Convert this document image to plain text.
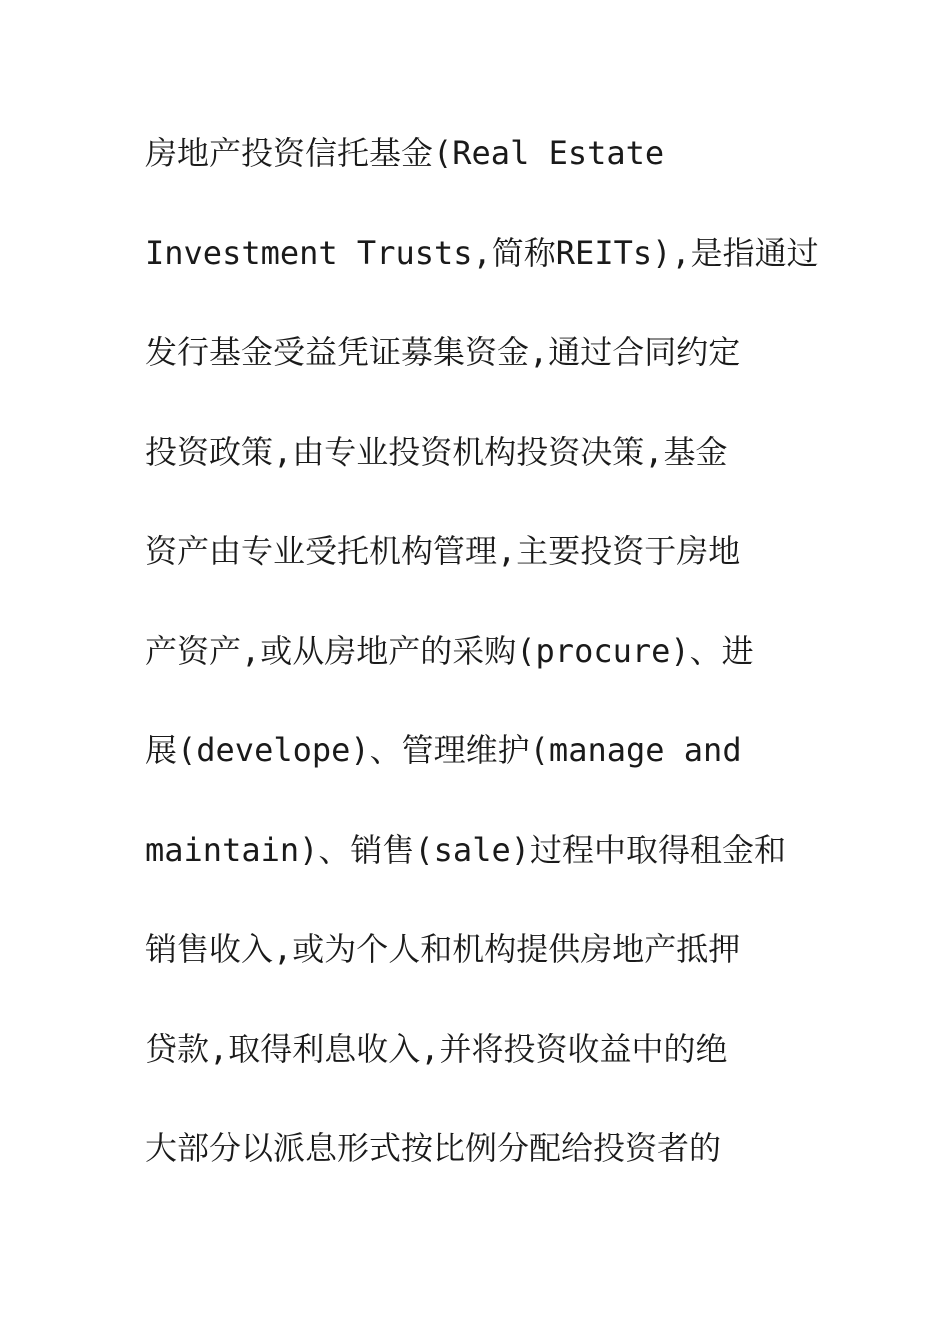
房地产投资信托基金(Real Estate
Investment Trusts,简称REITs),是指通过
发行基金受益凭证募集资金,通过合同约定
投资政策,由专业投资机构投资决策,基金
资产由专业受托机构管理,主要投资于房地
产资产,或从房地产的采购(procure)、进
展(develope)、管理维护(manage and
maintain)、销售(sale)过程中取得租金和
销售收入,或为个人和机构提供房地产抵押
贷款,取得利息收入,并将投资收益中的绝
大部分以派息形式按比例分配给投资者的
